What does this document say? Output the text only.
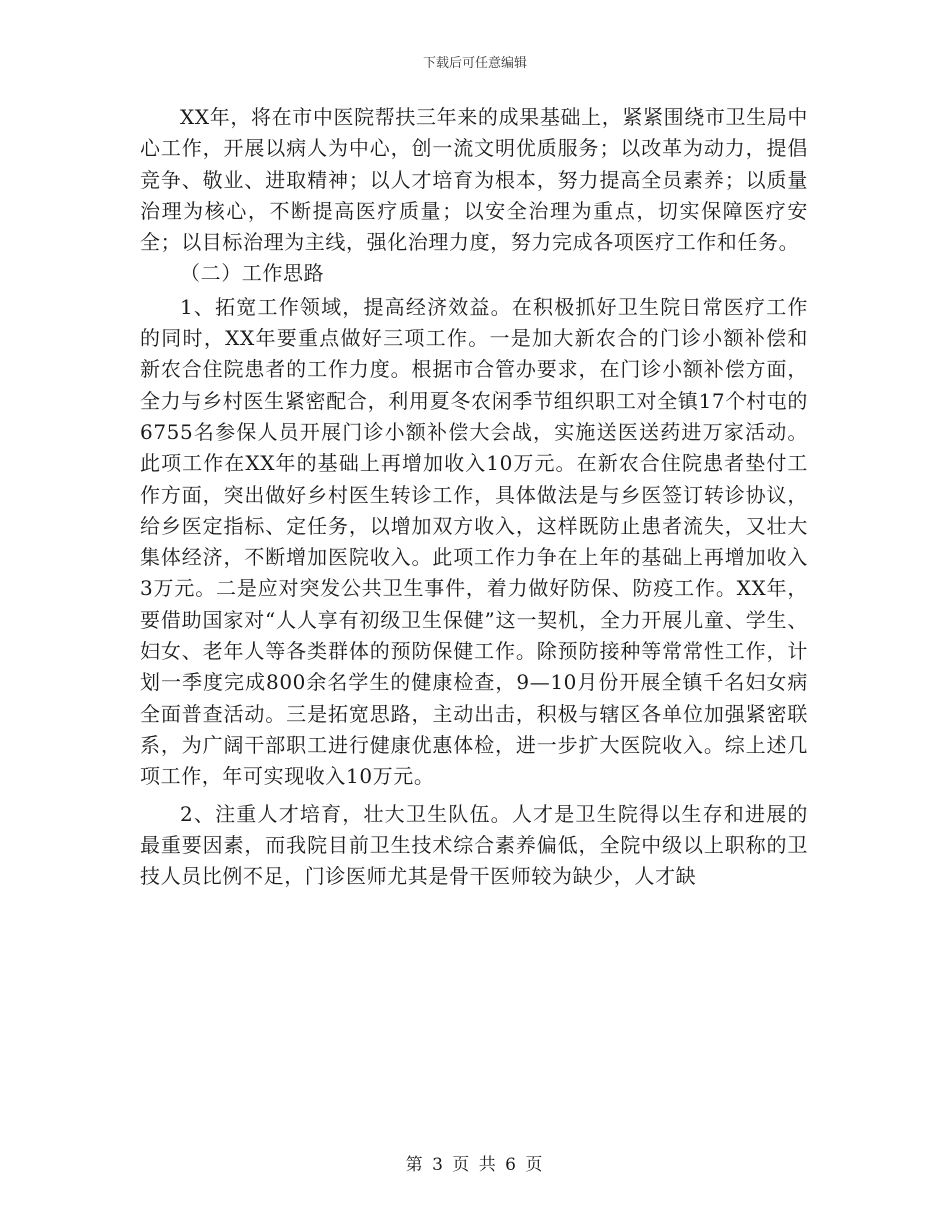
下载后可任意编辑

XX年，将在市中医院帮扶三年来的成果基础上，紧紧围绕市卫生局中心工作，开展以病人为中心，创一流文明优质服务；以改革为动力，提倡竞争、敬业、进取精神；以人才培育为根本，努力提高全员素养；以质量治理为核心，不断提高医疗质量；以安全治理为重点，切实保障医疗安全；以目标治理为主线，强化治理力度，努力完成各项医疗工作和任务。

（二）工作思路

1、拓宽工作领域，提高经济效益。在积极抓好卫生院日常医疗工作的同时，XX年要重点做好三项工作。一是加大新农合的门诊小额补偿和新农合住院患者的工作力度。根据市合管办要求，在门诊小额补偿方面，全力与乡村医生紧密配合，利用夏冬农闲季节组织职工对全镇17个村屯的6755名参保人员开展门诊小额补偿大会战，实施送医送药进万家活动。此项工作在XX年的基础上再增加收入10万元。在新农合住院患者垫付工作方面，突出做好乡村医生转诊工作，具体做法是与乡医签订转诊协议，给乡医定指标、定任务，以增加双方收入，这样既防止患者流失，又壮大集体经济，不断增加医院收入。此项工作力争在上年的基础上再增加收入3万元。二是应对突发公共卫生事件，着力做好防保、防疫工作。XX年，要借助国家对“人人享有初级卫生保健”这一契机，全力开展儿童、学生、妇女、老年人等各类群体的预防保健工作。除预防接种等常常性工作，计划一季度完成800余名学生的健康检查，9—10月份开展全镇千名妇女病全面普查活动。三是拓宽思路，主动出击，积极与辖区各单位加强紧密联系，为广阔干部职工进行健康优惠体检，进一步扩大医院收入。综上述几项工作，年可实现收入10万元。

2、注重人才培育，壮大卫生队伍。人才是卫生院得以生存和进展的最重要因素，而我院目前卫生技术综合素养偏低，全院中级以上职称的卫技人员比例不足，门诊医师尤其是骨干医师较为缺少，人才缺

第 3 页 共 6 页
